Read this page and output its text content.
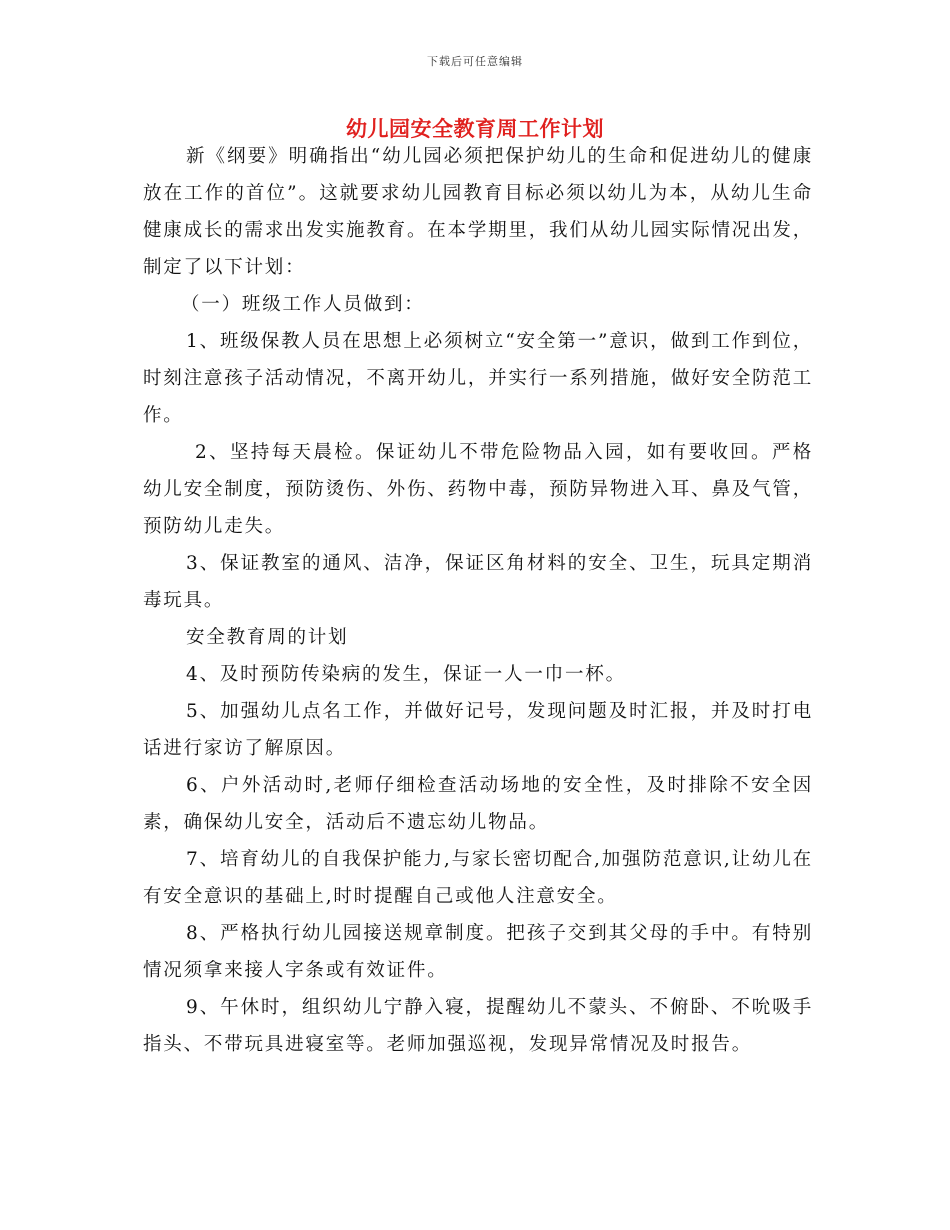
下载后可任意编辑
幼儿园安全教育周工作计划

新《纲要》明确指出“幼儿园必须把保护幼儿的生命和促进幼儿的健康放在工作的首位”。这就要求幼儿园教育目标必须以幼儿为本，从幼儿生命健康成长的需求出发实施教育。在本学期里，我们从幼儿园实际情况出发，制定了以下计划：

（一）班级工作人员做到：

1、班级保教人员在思想上必须树立“安全第一”意识，做到工作到位，时刻注意孩子活动情况，不离开幼儿，并实行一系列措施，做好安全防范工作。

2、坚持每天晨检。保证幼儿不带危险物品入园，如有要收回。严格幼儿安全制度，预防烫伤、外伤、药物中毒，预防异物进入耳、鼻及气管，预防幼儿走失。

3、保证教室的通风、洁净，保证区角材料的安全、卫生，玩具定期消毒玩具。

安全教育周的计划

4、及时预防传染病的发生，保证一人一巾一杯。

5、加强幼儿点名工作，并做好记号，发现问题及时汇报，并及时打电话进行家访了解原因。

6、户外活动时,老师仔细检查活动场地的安全性，及时排除不安全因素，确保幼儿安全，活动后不遗忘幼儿物品。

7、培育幼儿的自我保护能力,与家长密切配合,加强防范意识,让幼儿在有安全意识的基础上,时时提醒自己或他人注意安全。

8、严格执行幼儿园接送规章制度。把孩子交到其父母的手中。有特别情况须拿来接人字条或有效证件。

9、午休时，组织幼儿宁静入寝，提醒幼儿不蒙头、不俯卧、不吮吸手指头、不带玩具进寝室等。老师加强巡视，发现异常情况及时报告。
